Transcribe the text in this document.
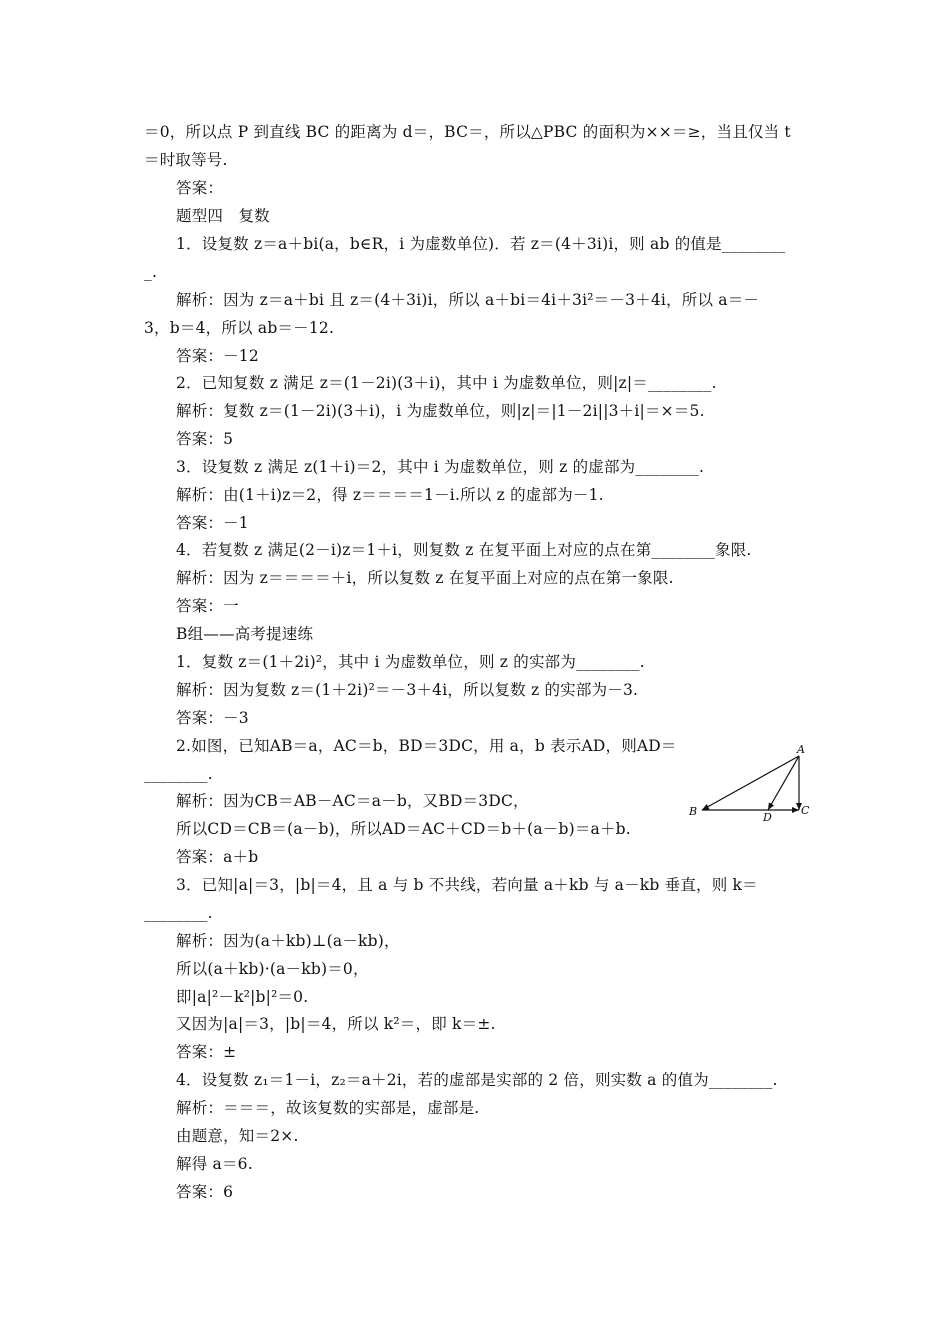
＝0，所以点 P 到直线 BC 的距离为 d＝，BC＝，所以△PBC 的面积为××＝≥，当且仅当 t
＝时取等号.
答案：
题型四   复数
1．设复数 z＝a＋bi(a，b∈R，i 为虚数单位)．若 z＝(4＋3i)i，则 ab 的值是________
_.
解析：因为 z＝a＋bi 且 z＝(4＋3i)i，所以 a＋bi＝4i＋3i²＝－3＋4i，所以 a＝－
3，b＝4，所以 ab＝－12.
答案：－12
2．已知复数 z 满足 z＝(1－2i)(3＋i)，其中 i 为虚数单位，则|z|＝________.
解析：复数 z＝(1－2i)(3＋i)，i 为虚数单位，则|z|＝|1－2i||3＋i|＝×＝5.
答案：5
3．设复数 z 满足 z(1＋i)＝2，其中 i 为虚数单位，则 z 的虚部为________.
解析：由(1＋i)z＝2，得 z＝＝＝＝1－i.所以 z 的虚部为－1.
答案：－1
4．若复数 z 满足(2－i)z＝1＋i，则复数 z 在复平面上对应的点在第________象限.
解析：因为 z＝＝＝＝＋i，所以复数 z 在复平面上对应的点在第一象限.
答案：一
B组——高考提速练
1．复数 z＝(1＋2i)²，其中 i 为虚数单位，则 z 的实部为________.
解析：因为复数 z＝(1＋2i)²＝－3＋4i，所以复数 z 的实部为－3.
答案：－3
2.如图，已知AB＝a，AC＝b，BD＝3DC，用 a，b 表示AD，则AD＝
________.
解析：因为CB＝AB－AC＝a－b，又BD＝3DC，
所以CD＝CB＝(a－b)，所以AD＝AC＋CD＝b＋(a－b)＝a＋b.
答案：a＋b
3．已知|a|＝3，|b|＝4，且 a 与 b 不共线，若向量 a＋kb 与 a－kb 垂直，则 k＝
________.
解析：因为(a＋kb)⊥(a－kb)，
所以(a＋kb)·(a－kb)＝0，
即|a|²－k²|b|²＝0.
又因为|a|＝3，|b|＝4，所以 k²＝，即 k＝±.
答案：±
4．设复数 z₁＝1－i，z₂＝a＋2i，若的虚部是实部的 2 倍，则实数 a 的值为________.
解析：＝＝＝，故该复数的实部是，虚部是.
由题意，知＝2×.
解得 a＝6.
答案：6
A
B	C
D
